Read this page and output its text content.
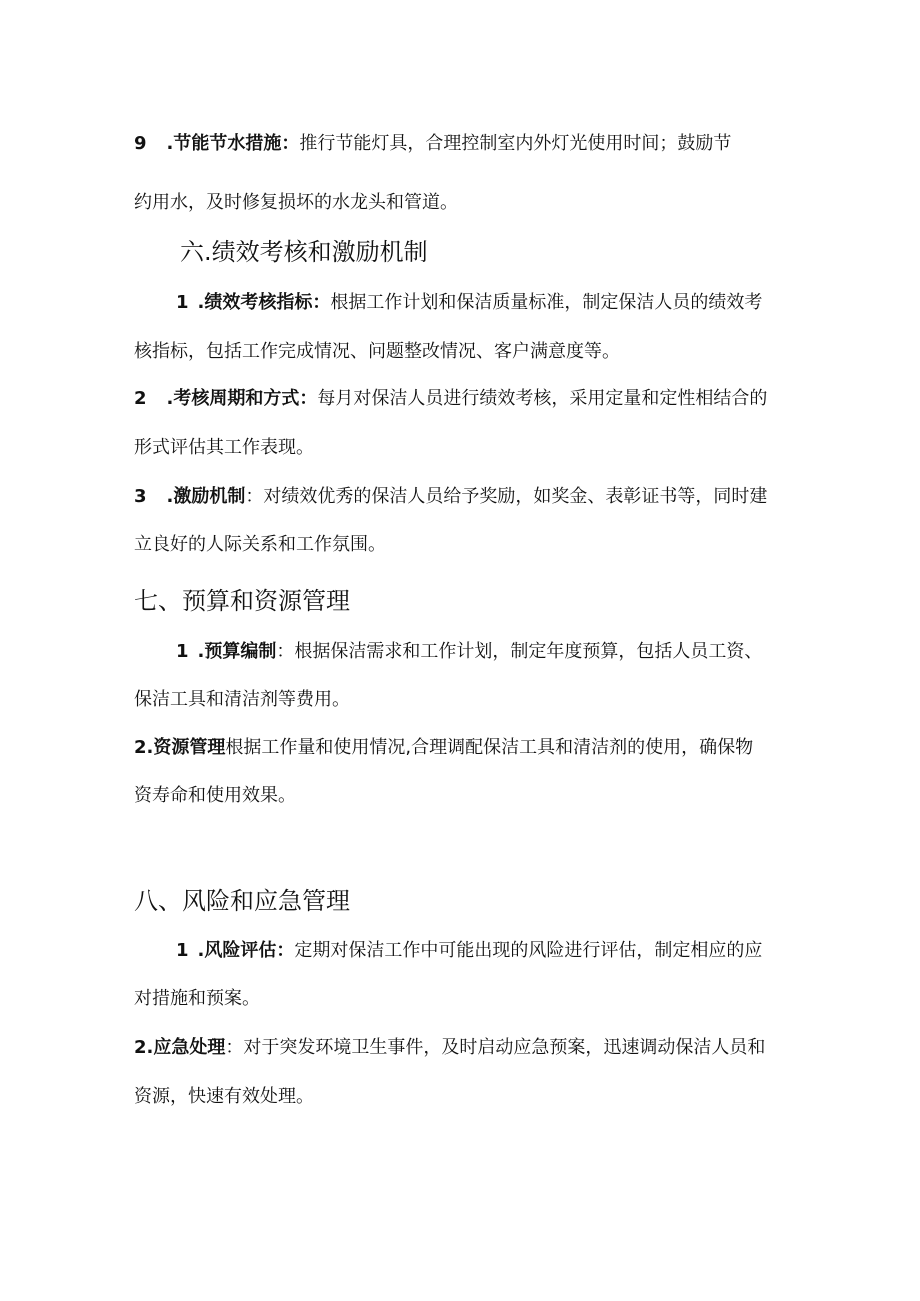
9 .节能节水措施：推行节能灯具，合理控制室内外灯光使用时间；鼓励节
约用水，及时修复损坏的水龙头和管道。
六.绩效考核和激励机制
1 .绩效考核指标：根据工作计划和保洁质量标准，制定保洁人员的绩效考
核指标，包括工作完成情况、问题整改情况、客户满意度等。
2 .考核周期和方式：每月对保洁人员进行绩效考核，采用定量和定性相结合的
形式评估其工作表现。
3 .激励机制：对绩效优秀的保洁人员给予奖励，如奖金、表彰证书等，同时建
立良好的人际关系和工作氛围。
七、预算和资源管理
1 .预算编制：根据保洁需求和工作计划，制定年度预算，包括人员工资、
保洁工具和清洁剂等费用。
2.资源管理根据工作量和使用情况,合理调配保洁工具和清洁剂的使用，确保物
资寿命和使用效果。
八、风险和应急管理
1 .风险评估：定期对保洁工作中可能出现的风险进行评估，制定相应的应
对措施和预案。
2.应急处理：对于突发环境卫生事件，及时启动应急预案，迅速调动保洁人员和
资源，快速有效处理。
